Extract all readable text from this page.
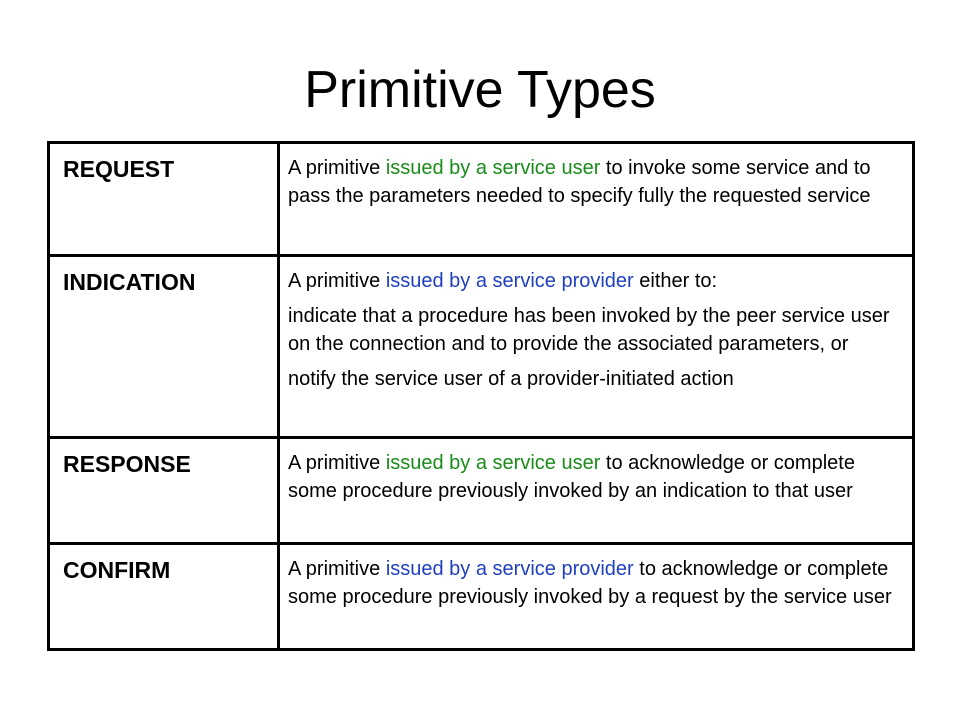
Primitive Types
REQUEST	A primitive issued by a service user to invoke some service and to pass the parameters needed to specify fully the requested service

INDICATION	A primitive issued by a service provider either to:
indicate that a procedure has been invoked by the peer service user on the connection and to provide the associated parameters, or
notify the service user of a provider-initiated action

RESPONSE	A primitive issued by a service user to acknowledge or complete some procedure previously invoked by an indication to that user

CONFIRM	A primitive issued by a service provider to acknowledge or complete some procedure previously invoked by a request by the service user
